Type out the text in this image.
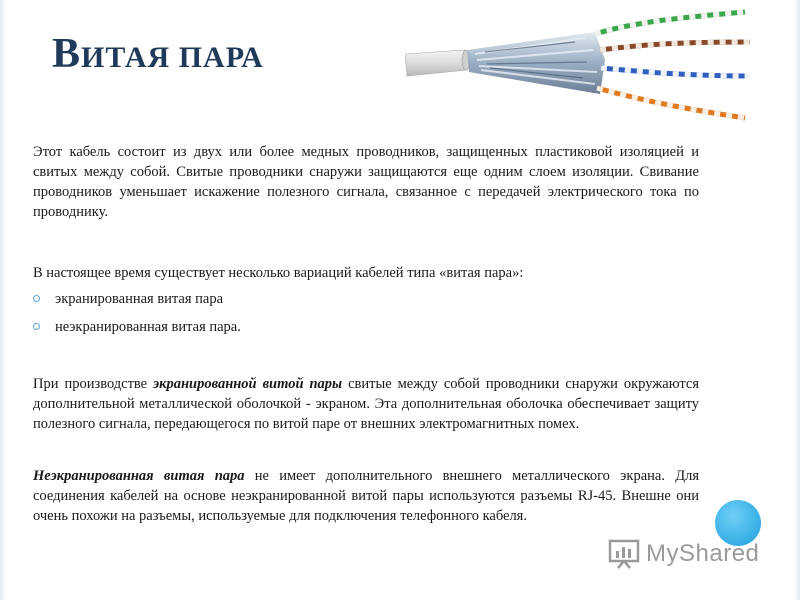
ВИТАЯ ПАРА
Этот кабель состоит из двух или более медных проводников, защищенных пластиковой изоляцией и свитых между собой. Свитые проводники снаружи защищаются еще одним слоем изоляции. Свивание проводников уменьшает искажение полезного сигнала, связанное с передачей электрического тока по проводнику.
В настоящее время существует несколько вариаций кабелей типа «витая пара»:
экранированная витая пара
неэкранированная витая пара.
При производстве экранированной витой пары свитые между собой проводники снаружи окружаются дополнительной металлической оболочкой - экраном. Эта дополнительная оболочка обеспечивает защиту полезного сигнала, передающегося по витой паре от внешних электромагнитных помех.
Неэкранированная витая пара не имеет дополнительного внешнего металлического экрана. Для соединения кабелей на основе неэкранированной витой пары используются разъемы RJ-45. Внешне они очень похожи на разъемы, используемые для подключения телефонного кабеля.
MyShared
